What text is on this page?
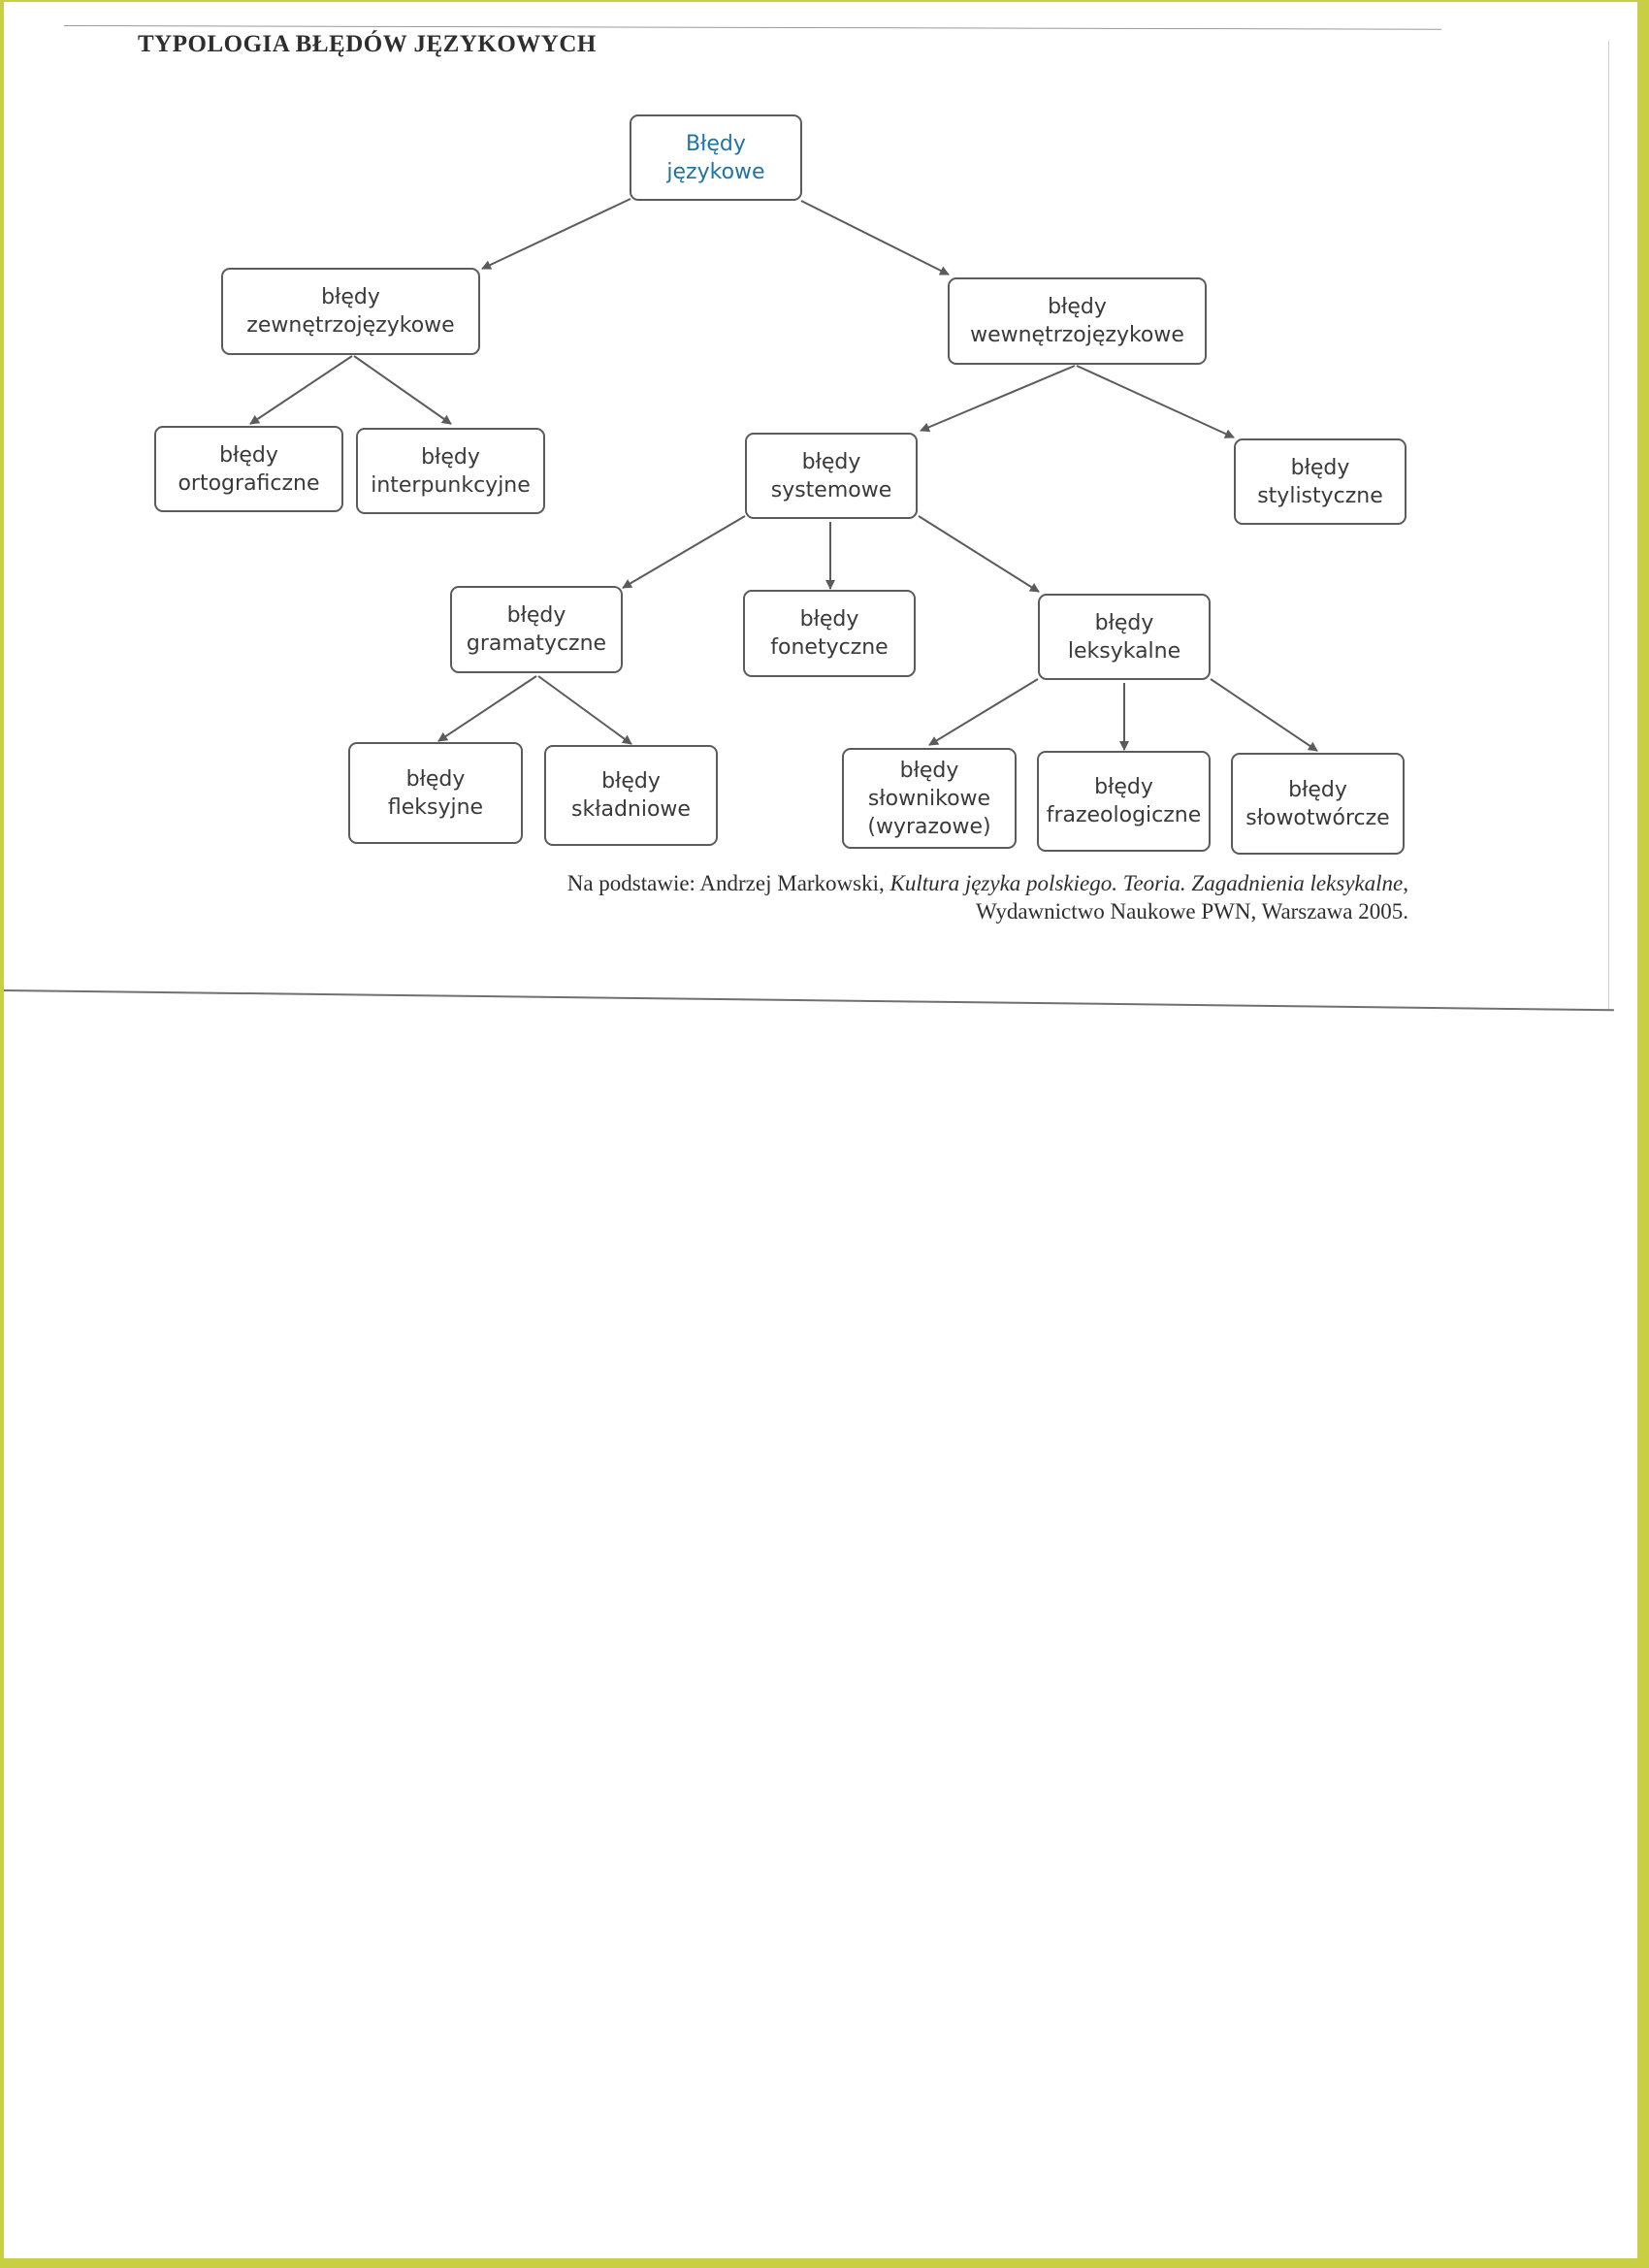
TYPOLOGIA BŁĘDÓW JĘZYKOWYCH
Błędy
językowe
błędy
zewnętrzojęzykowe
błędy
wewnętrzojęzykowe
błędy
ortograficzne
błędy
interpunkcyjne
błędy
systemowe
błędy
stylistyczne
błędy
gramatyczne
błędy
fonetyczne
błędy
leksykalne
błędy
fleksyjne
błędy
składniowe
błędy
słownikowe
(wyrazowe)
błędy
frazeologiczne
błędy
słowotwórcze
Na podstawie: Andrzej Markowski, Kultura języka polskiego. Teoria. Zagadnienia leksykalne,
Wydawnictwo Naukowe PWN, Warszawa 2005.
